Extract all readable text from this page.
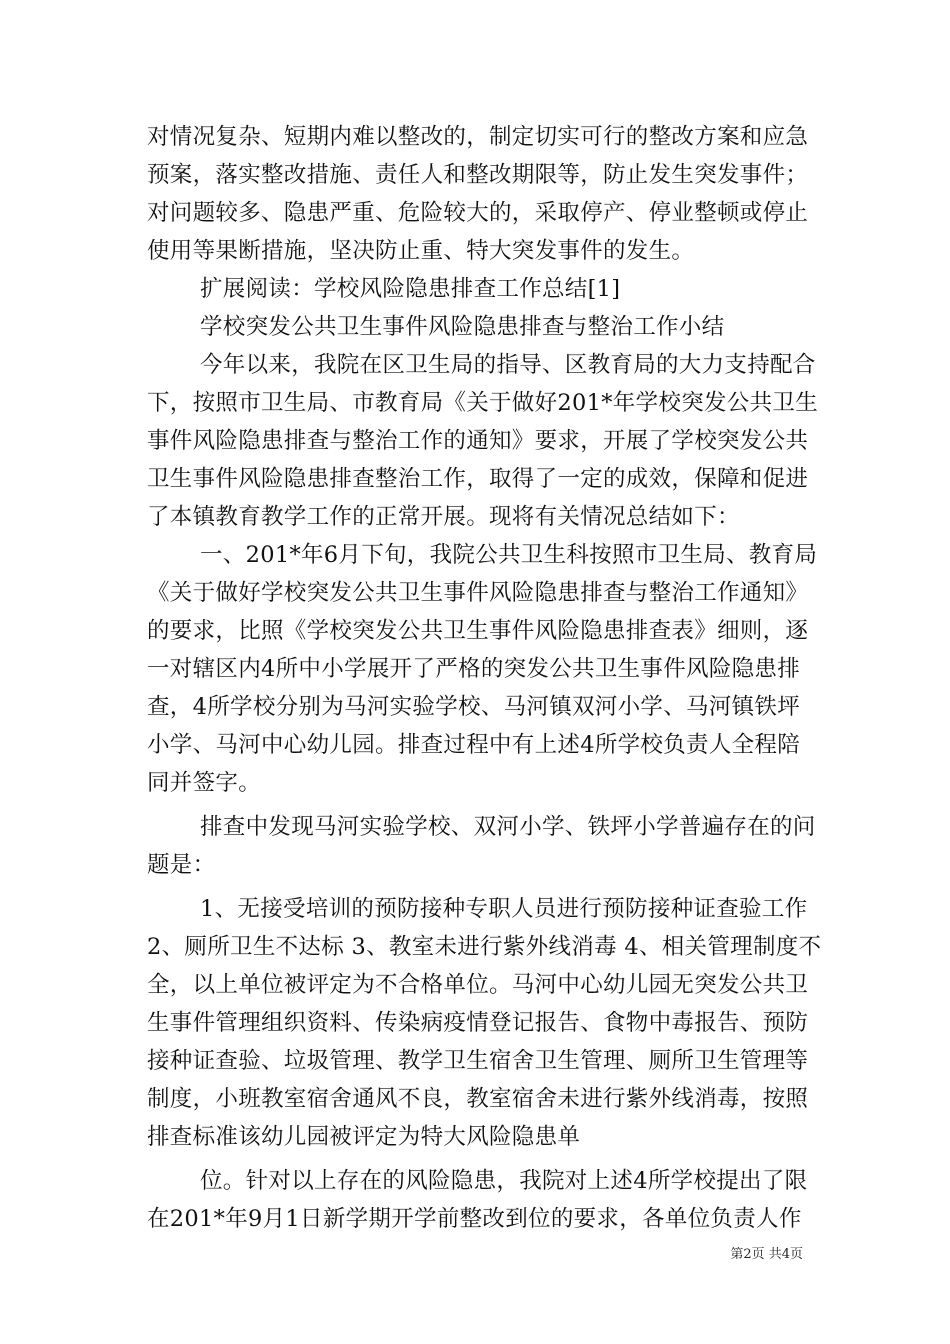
对情况复杂、短期内难以整改的，制定切实可行的整改方案和应急
预案，落实整改措施、责任人和整改期限等，防止发生突发事件；
对问题较多、隐患严重、危险较大的，采取停产、停业整顿或停止
使用等果断措施，坚决防止重、特大突发事件的发生。
扩展阅读：学校风险隐患排查工作总结[1]
学校突发公共卫生事件风险隐患排查与整治工作小结
今年以来，我院在区卫生局的指导、区教育局的大力支持配合
下，按照市卫生局、市教育局《关于做好201*年学校突发公共卫生
事件风险隐患排查与整治工作的通知》要求，开展了学校突发公共
卫生事件风险隐患排查整治工作，取得了一定的成效，保障和促进
了本镇教育教学工作的正常开展。现将有关情况总结如下：
一、201*年6月下旬，我院公共卫生科按照市卫生局、教育局
《关于做好学校突发公共卫生事件风险隐患排查与整治工作通知》
的要求，比照《学校突发公共卫生事件风险隐患排查表》细则，逐
一对辖区内4所中小学展开了严格的突发公共卫生事件风险隐患排
查，4所学校分别为马河实验学校、马河镇双河小学、马河镇铁坪
小学、马河中心幼儿园。排查过程中有上述4所学校负责人全程陪
同并签字。
排查中发现马河实验学校、双河小学、铁坪小学普遍存在的问
题是：
1、无接受培训的预防接种专职人员进行预防接种证查验工作
2、厕所卫生不达标 3、教室未进行紫外线消毒 4、相关管理制度不
全，以上单位被评定为不合格单位。马河中心幼儿园无突发公共卫
生事件管理组织资料、传染病疫情登记报告、食物中毒报告、预防
接种证查验、垃圾管理、教学卫生宿舍卫生管理、厕所卫生管理等
制度，小班教室宿舍通风不良，教室宿舍未进行紫外线消毒，按照
排查标准该幼儿园被评定为特大风险隐患单
位。针对以上存在的风险隐患，我院对上述4所学校提出了限
在201*年9月1日新学期开学前整改到位的要求，各单位负责人作
第2页 共4页
